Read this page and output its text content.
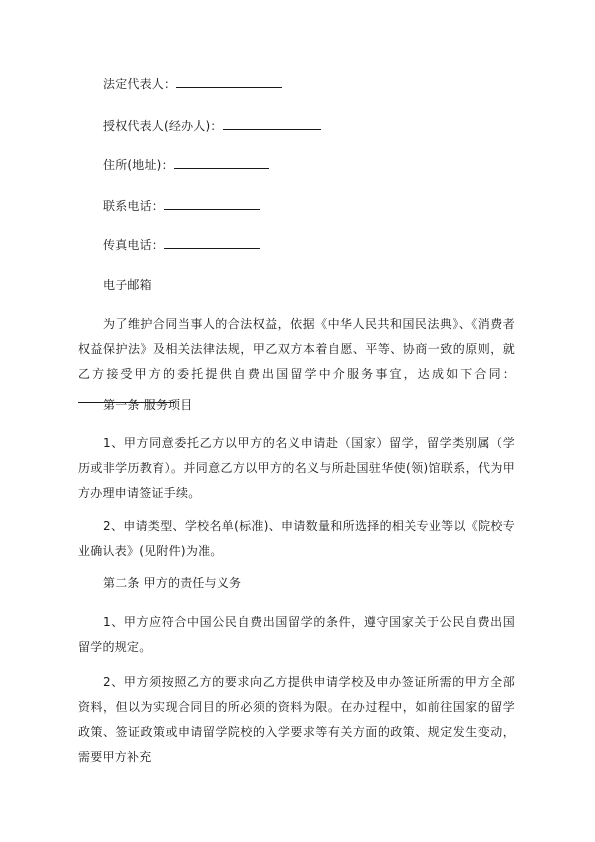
法定代表人：
授权代表人(经办人)：
住所(地址)：
联系电话：
传真电话：
电子邮箱
为了维护合同当事人的合法权益，依据《中华人民共和国民法典》、《消费者权益保护法》及相关法律法规，甲乙双方本着自愿、平等、协商一致的原则，就乙方接受甲方的委托提供自费出国留学中介服务事宜，达成如下合同：
第一条 服务项目
1、甲方同意委托乙方以甲方的名义申请赴（国家）留学，留学类别属（学历或非学历教育）。并同意乙方以甲方的名义与所赴国驻华使(领)馆联系，代为甲方办理申请签证手续。
2、申请类型、学校名单(标准)、申请数量和所选择的相关专业等以《院校专业确认表》(见附件)为准。
第二条 甲方的责任与义务
1、甲方应符合中国公民自费出国留学的条件，遵守国家关于公民自费出国留学的规定。
2、甲方须按照乙方的要求向乙方提供申请学校及申办签证所需的甲方全部资料，但以为实现合同目的所必须的资料为限。在办过程中，如前往国家的留学政策、签证政策或申请留学院校的入学要求等有关方面的政策、规定发生变动，需要甲方补充
